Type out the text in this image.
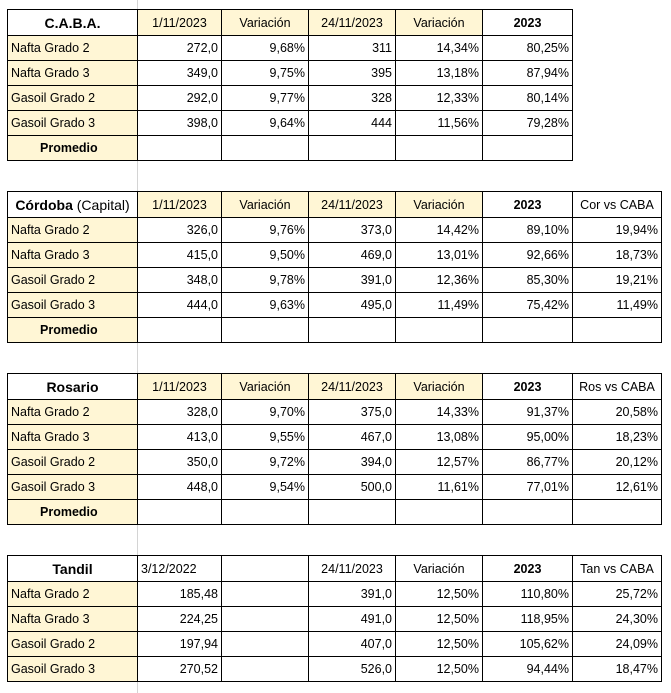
C.A.B.A.	1/11/2023	Variación	24/11/2023	Variación	2023
Nafta Grado 2	272,0	9,68%	311	14,34%	80,25%
Nafta Grado 3	349,0	9,75%	395	13,18%	87,94%
Gasoil Grado 2	292,0	9,77%	328	12,33%	80,14%
Gasoil Grado 3	398,0	9,64%	444	11,56%	79,28%
Promedio					
Córdoba (Capital)	1/11/2023	Variación	24/11/2023	Variación	2023	Cor vs CABA
Nafta Grado 2	326,0	9,76%	373,0	14,42%	89,10%	19,94%
Nafta Grado 3	415,0	9,50%	469,0	13,01%	92,66%	18,73%
Gasoil Grado 2	348,0	9,78%	391,0	12,36%	85,30%	19,21%
Gasoil Grado 3	444,0	9,63%	495,0	11,49%	75,42%	11,49%
Promedio						
Rosario	1/11/2023	Variación	24/11/2023	Variación	2023	Ros vs CABA
Nafta Grado 2	328,0	9,70%	375,0	14,33%	91,37%	20,58%
Nafta Grado 3	413,0	9,55%	467,0	13,08%	95,00%	18,23%
Gasoil Grado 2	350,0	9,72%	394,0	12,57%	86,77%	20,12%
Gasoil Grado 3	448,0	9,54%	500,0	11,61%	77,01%	12,61%
Promedio						
Tandil	3/12/2022		24/11/2023	Variación	2023	Tan vs CABA
Nafta Grado 2	185,48		391,0	12,50%	110,80%	25,72%
Nafta Grado 3	224,25		491,0	12,50%	118,95%	24,30%
Gasoil Grado 2	197,94		407,0	12,50%	105,62%	24,09%
Gasoil Grado 3	270,52		526,0	12,50%	94,44%	18,47%
